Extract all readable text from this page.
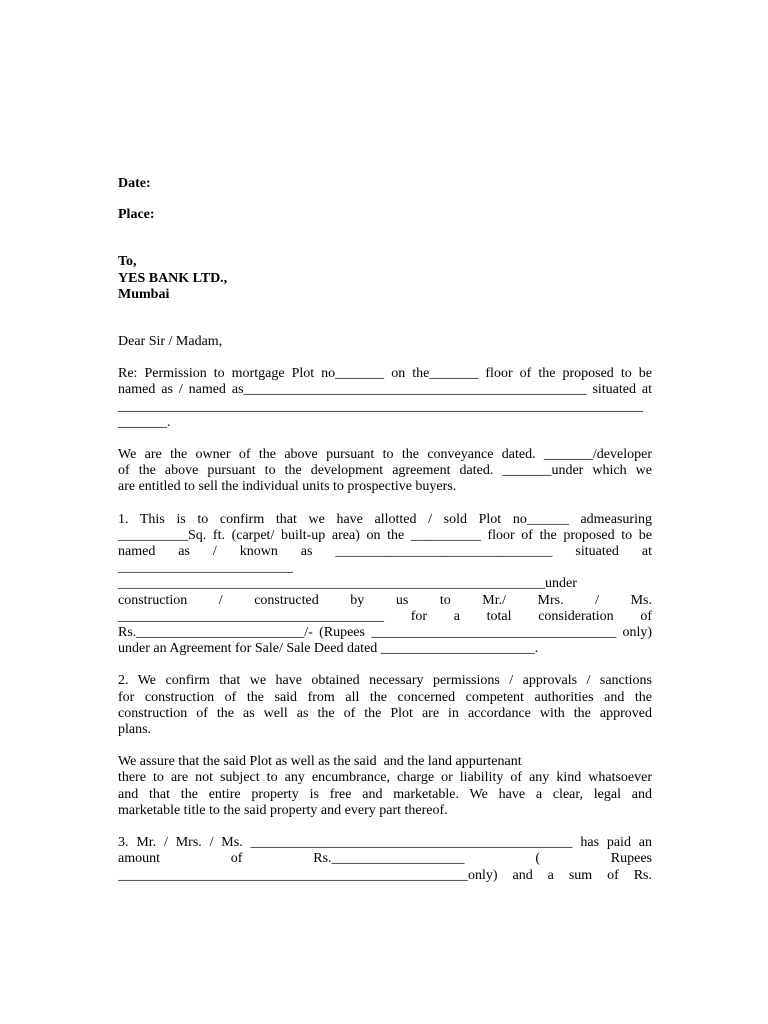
Date:
Place:
To,
YES BANK LTD.,
Mumbai
Dear Sir / Madam,
Re: Permission to mortgage Plot no_______ on the_______ floor of the proposed to be
named as / named as_________________________________________________ situated at
___________________________________________________________________________
_______.
We are the owner of the above pursuant to the conveyance dated. _______/developer
of the above pursuant to the development agreement dated. _______under which we
are entitled to sell the individual units to prospective buyers.
1. This is to confirm that we have allotted / sold Plot no______ admeasuring
__________Sq. ft. (carpet/ built-up area) on the __________ floor of the proposed to be
named as / known as _______________________________ situated at
_________________________
_____________________________________________________________under
construction / constructed by us to Mr./ Mrs. / Ms.
______________________________________ for a total consideration of
Rs.________________________/- (Rupees ___________________________________ only)
under an Agreement for Sale/ Sale Deed dated ______________________.
2. We confirm that we have obtained necessary permissions / approvals / sanctions
for construction of the said from all the concerned competent authorities and the
construction of the as well as the of the Plot are in accordance with the approved
plans.
We assure that the said Plot as well as the said  and the land appurtenant
there to are not subject to any encumbrance, charge or liability of any kind whatsoever
and that the entire property is free and marketable. We have a clear, legal and
marketable title to the said property and every part thereof.
3. Mr. / Mrs. / Ms. ______________________________________________ has paid an
amount of Rs.___________________ ( Rupees
__________________________________________________only) and a sum of Rs.
